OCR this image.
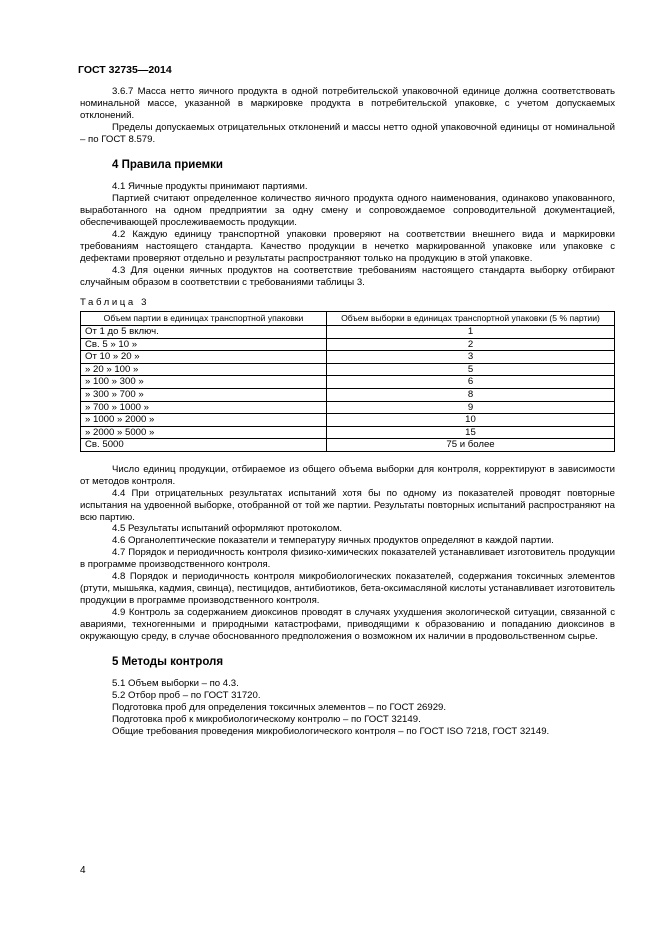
ГОСТ 32735—2014

3.6.7 Масса нетто яичного продукта в одной потребительской упаковочной единице должна соответствовать номинальной массе, указанной в маркировке продукта в потребительской упаковке, с учетом допускаемых отклонений.

Пределы допускаемых отрицательных отклонений и массы нетто одной упаковочной единицы от номинальной – по ГОСТ 8.579.

4 Правила приемки

4.1 Яичные продукты принимают партиями.

Партией считают определенное количество яичного продукта одного наименования, одинаково упакованного, выработанного на одном предприятии за одну смену и сопровождаемое сопроводительной документацией, обеспечивающей прослеживаемость продукции.

4.2 Каждую единицу транспортной упаковки проверяют на соответствии внешнего вида и маркировки требованиям настоящего стандарта. Качество продукции в нечетко маркированной упаковке или упаковке с дефектами проверяют отдельно и результаты распространяют только на продукцию в этой упаковке.

4.3 Для оценки яичных продуктов на соответствие требованиям настоящего стандарта выборку отбирают случайным образом в соответствии с требованиями таблицы 3.

Таблица 3
Объем партии в единицах транспортной упаковки	Объем выборки в единицах транспортной упаковки (5 % партии)
От 1 до 5 включ.	1
Св. 5 » 10 »	2
От 10 » 20 »	3
» 20 » 100 »	5
» 100 » 300 »	6
» 300 » 700 »	8
» 700 » 1000 »	9
» 1000 » 2000 »	10
» 2000 » 5000 »	15
Св. 5000	75 и более

Число единиц продукции, отбираемое из общего объема выборки для контроля, корректируют в зависимости от методов контроля.

4.4 При отрицательных результатах испытаний хотя бы по одному из показателей проводят повторные испытания на удвоенной выборке, отобранной от той же партии. Результаты повторных испытаний распространяют на всю партию.

4.5 Результаты испытаний оформляют протоколом.

4.6 Органолептические показатели и температуру яичных продуктов определяют в каждой партии.

4.7 Порядок и периодичность контроля физико-химических показателей устанавливает изготовитель продукции в программе производственного контроля.

4.8 Порядок и периодичность контроля микробиологических показателей, содержания токсичных элементов (ртути, мышьяка, кадмия, свинца), пестицидов, антибиотиков, бета-оксимасляной кислоты устанавливает изготовитель продукции в программе производственного контроля.

4.9 Контроль за содержанием диоксинов проводят в случаях ухудшения экологической ситуации, связанной с авариями, техногенными и природными катастрофами, приводящими к образованию и попаданию диоксинов в окружающую среду, в случае обоснованного предположения о возможном их наличии в продовольственном сырье.

5 Методы контроля

5.1 Объем выборки – по 4.3.

5.2 Отбор проб – по ГОСТ 31720.

Подготовка проб для определения токсичных элементов – по ГОСТ 26929.

Подготовка проб к микробиологическому контролю – по ГОСТ 32149.

Общие требования проведения микробиологического контроля – по ГОСТ ISO 7218, ГОСТ 32149.

4
